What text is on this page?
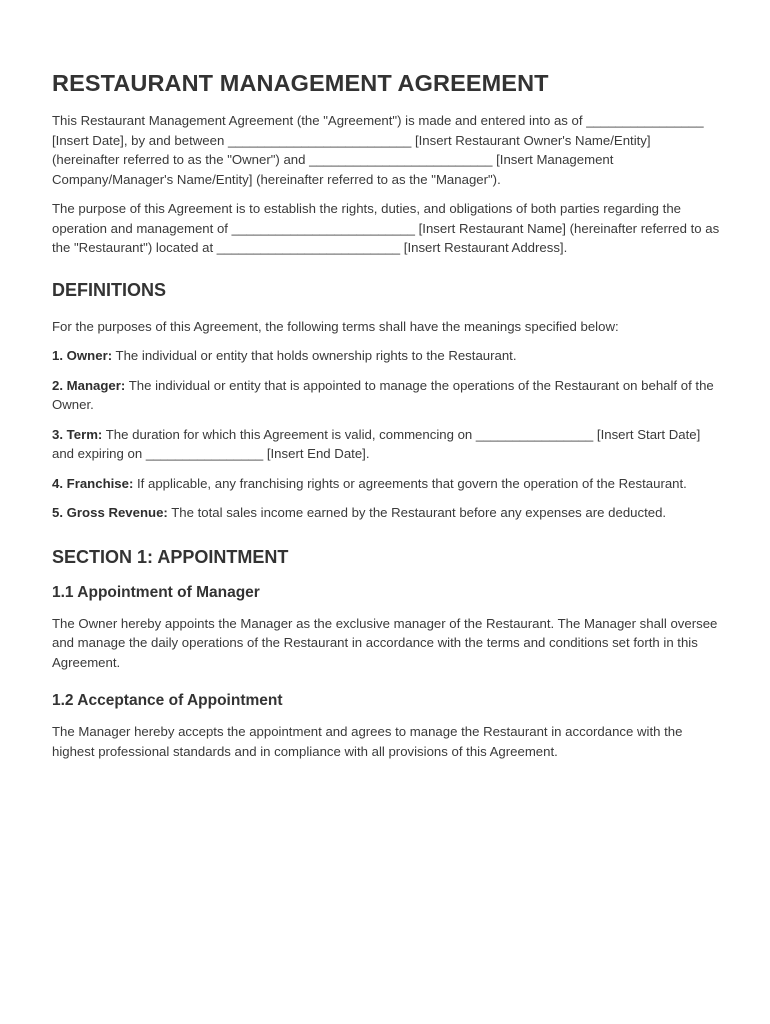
RESTAURANT MANAGEMENT AGREEMENT

This Restaurant Management Agreement (the "Agreement") is made and entered into as of ________________ [Insert Date], by and between _________________________ [Insert Restaurant Owner's Name/Entity] (hereinafter referred to as the "Owner") and _________________________ [Insert Management Company/Manager's Name/Entity] (hereinafter referred to as the "Manager").

The purpose of this Agreement is to establish the rights, duties, and obligations of both parties regarding the operation and management of _________________________ [Insert Restaurant Name] (hereinafter referred to as the "Restaurant") located at _________________________ [Insert Restaurant Address].

DEFINITIONS

For the purposes of this Agreement, the following terms shall have the meanings specified below:

1. Owner: The individual or entity that holds ownership rights to the Restaurant.

2. Manager: The individual or entity that is appointed to manage the operations of the Restaurant on behalf of the Owner.

3. Term: The duration for which this Agreement is valid, commencing on ________________ [Insert Start Date] and expiring on ________________ [Insert End Date].

4. Franchise: If applicable, any franchising rights or agreements that govern the operation of the Restaurant.

5. Gross Revenue: The total sales income earned by the Restaurant before any expenses are deducted.

SECTION 1: APPOINTMENT
1.1 Appointment of Manager

The Owner hereby appoints the Manager as the exclusive manager of the Restaurant. The Manager shall oversee and manage the daily operations of the Restaurant in accordance with the terms and conditions set forth in this Agreement.

1.2 Acceptance of Appointment

The Manager hereby accepts the appointment and agrees to manage the Restaurant in accordance with the highest professional standards and in compliance with all provisions of this Agreement.
